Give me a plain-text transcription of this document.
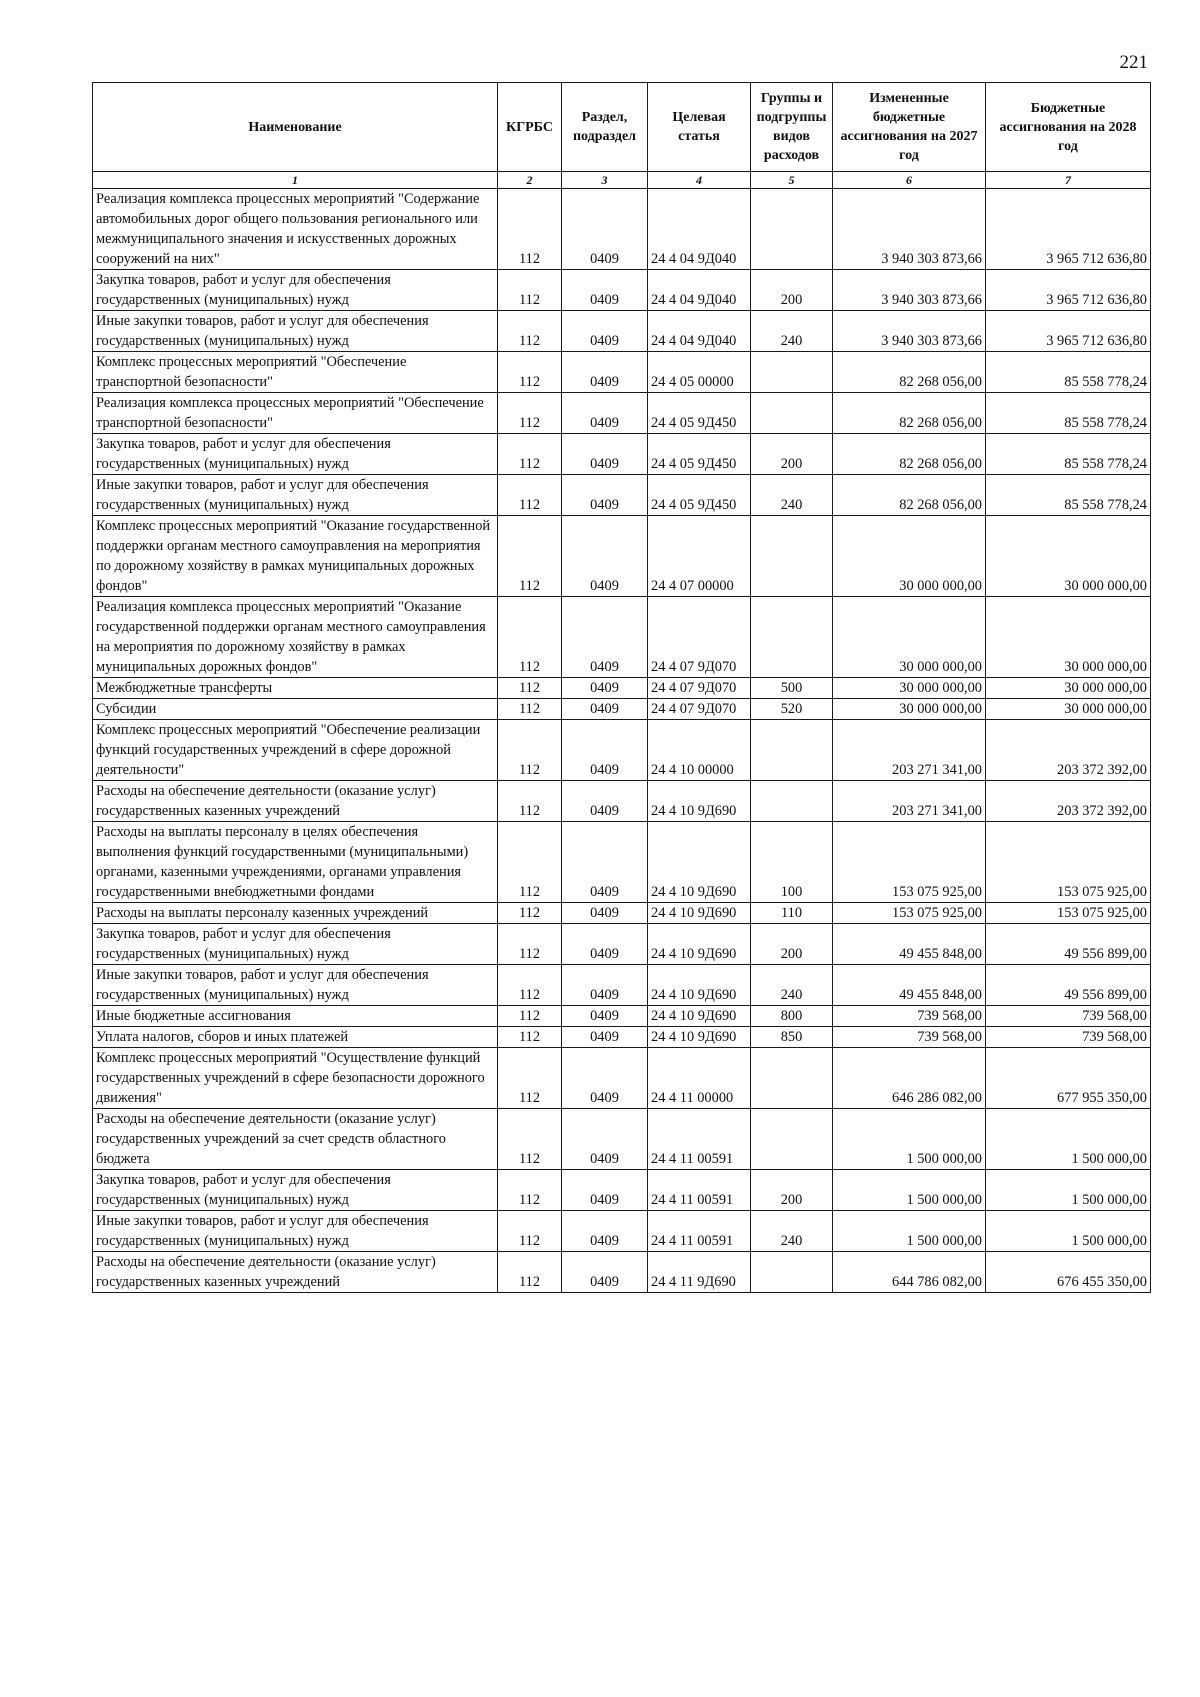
221
Наименование	КГРБС	Раздел, подраздел	Целевая статья	Группы и подгруппы видов расходов	Измененные бюджетные ассигнования на 2027 год	Бюджетные ассигнования на 2028 год
1	2	3	4	5	6	7
Реализация комплекса процессных мероприятий "Содержание автомобильных дорог общего пользования регионального или межмуниципального значения и искусственных дорожных сооружений на них"	112	0409	24 4 04 9Д040		3 940 303 873,66	3 965 712 636,80
Закупка товаров, работ и услуг для обеспечения государственных (муниципальных) нужд	112	0409	24 4 04 9Д040	200	3 940 303 873,66	3 965 712 636,80
Иные закупки товаров, работ и услуг для обеспечения государственных (муниципальных) нужд	112	0409	24 4 04 9Д040	240	3 940 303 873,66	3 965 712 636,80
Комплекс процессных мероприятий "Обеспечение транспортной безопасности"	112	0409	24 4 05 00000		82 268 056,00	85 558 778,24
Реализация комплекса процессных мероприятий "Обеспечение транспортной безопасности"	112	0409	24 4 05 9Д450		82 268 056,00	85 558 778,24
Закупка товаров, работ и услуг для обеспечения государственных (муниципальных) нужд	112	0409	24 4 05 9Д450	200	82 268 056,00	85 558 778,24
Иные закупки товаров, работ и услуг для обеспечения государственных (муниципальных) нужд	112	0409	24 4 05 9Д450	240	82 268 056,00	85 558 778,24
Комплекс процессных мероприятий "Оказание государственной поддержки органам местного самоуправления на мероприятия по дорожному хозяйству в рамках муниципальных дорожных фондов"	112	0409	24 4 07 00000		30 000 000,00	30 000 000,00
Реализация комплекса процессных мероприятий "Оказание государственной поддержки органам местного самоуправления на мероприятия по дорожному хозяйству в рамках муниципальных дорожных фондов"	112	0409	24 4 07 9Д070		30 000 000,00	30 000 000,00
Межбюджетные трансферты	112	0409	24 4 07 9Д070	500	30 000 000,00	30 000 000,00
Субсидии	112	0409	24 4 07 9Д070	520	30 000 000,00	30 000 000,00
Комплекс процессных мероприятий "Обеспечение реализации функций государственных учреждений в сфере дорожной деятельности"	112	0409	24 4 10 00000		203 271 341,00	203 372 392,00
Расходы на обеспечение деятельности (оказание услуг) государственных казенных учреждений	112	0409	24 4 10 9Д690		203 271 341,00	203 372 392,00
Расходы на выплаты персоналу в целях обеспечения выполнения функций государственными (муниципальными) органами, казенными учреждениями, органами управления государственными внебюджетными фондами	112	0409	24 4 10 9Д690	100	153 075 925,00	153 075 925,00
Расходы на выплаты персоналу казенных учреждений	112	0409	24 4 10 9Д690	110	153 075 925,00	153 075 925,00
Закупка товаров, работ и услуг для обеспечения государственных (муниципальных) нужд	112	0409	24 4 10 9Д690	200	49 455 848,00	49 556 899,00
Иные закупки товаров, работ и услуг для обеспечения государственных (муниципальных) нужд	112	0409	24 4 10 9Д690	240	49 455 848,00	49 556 899,00
Иные бюджетные ассигнования	112	0409	24 4 10 9Д690	800	739 568,00	739 568,00
Уплата налогов, сборов и иных платежей	112	0409	24 4 10 9Д690	850	739 568,00	739 568,00
Комплекс процессных мероприятий "Осуществление функций государственных учреждений в сфере безопасности дорожного движения"	112	0409	24 4 11 00000		646 286 082,00	677 955 350,00
Расходы на обеспечение деятельности (оказание услуг) государственных учреждений за счет средств областного бюджета	112	0409	24 4 11 00591		1 500 000,00	1 500 000,00
Закупка товаров, работ и услуг для обеспечения государственных (муниципальных) нужд	112	0409	24 4 11 00591	200	1 500 000,00	1 500 000,00
Иные закупки товаров, работ и услуг для обеспечения государственных (муниципальных) нужд	112	0409	24 4 11 00591	240	1 500 000,00	1 500 000,00
Расходы на обеспечение деятельности (оказание услуг) государственных казенных учреждений	112	0409	24 4 11 9Д690		644 786 082,00	676 455 350,00
